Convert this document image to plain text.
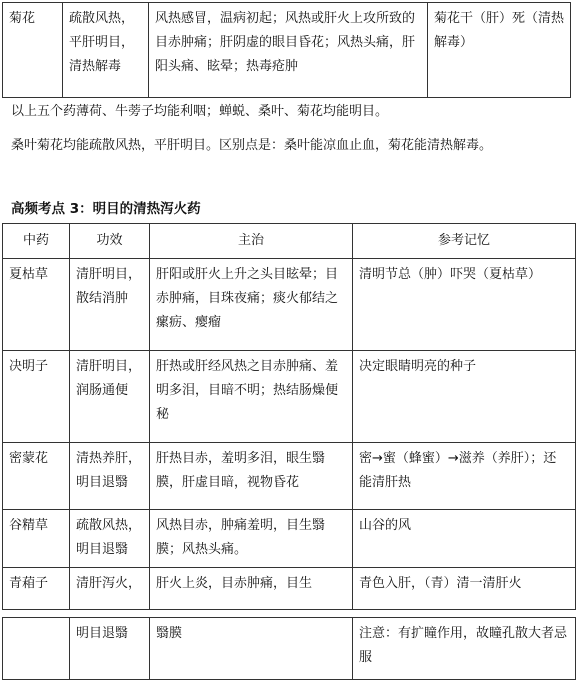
菊花	疏散风热，平肝明目，清热解毒	风热感冒，温病初起；风热或肝火上攻所致的目赤肿痛；肝阴虚的眼目昏花；风热头痛，肝阳头痛、眩晕；热毒疮肿	菊花干（肝）死（清热解毒）
以上五个药薄荷、牛蒡子均能利咽；蝉蜕、桑叶、菊花均能明目。
桑叶菊花均能疏散风热，平肝明目。区别点是：桑叶能凉血止血，菊花能清热解毒。
高频考点 3：明目的清热泻火药
中药	功效	主治	参考记忆
夏枯草	清肝明目，散结消肿	肝阳或肝火上升之头目眩晕；目赤肿痛，目珠夜痛；痰火郁结之瘰疬、瘿瘤	清明节总（肿）吓哭（夏枯草）
决明子	清肝明目，润肠通便	肝热或肝经风热之目赤肿痛、羞明多泪，目暗不明；热结肠燥便秘	决定眼睛明亮的种子
密蒙花	清热养肝，明目退翳	肝热目赤，羞明多泪，眼生翳膜，肝虚目暗，视物昏花	密→蜜（蜂蜜）→滋养（养肝）；还能清肝热
谷精草	疏散风热，明目退翳	风热目赤，肿痛羞明，目生翳膜；风热头痛。	山谷的风
青葙子	清肝泻火，	肝火上炎，目赤肿痛，目生	青色入肝，（青）清一清肝火
	明目退翳	翳膜	注意：有扩瞳作用，故瞳孔散大者忌服
